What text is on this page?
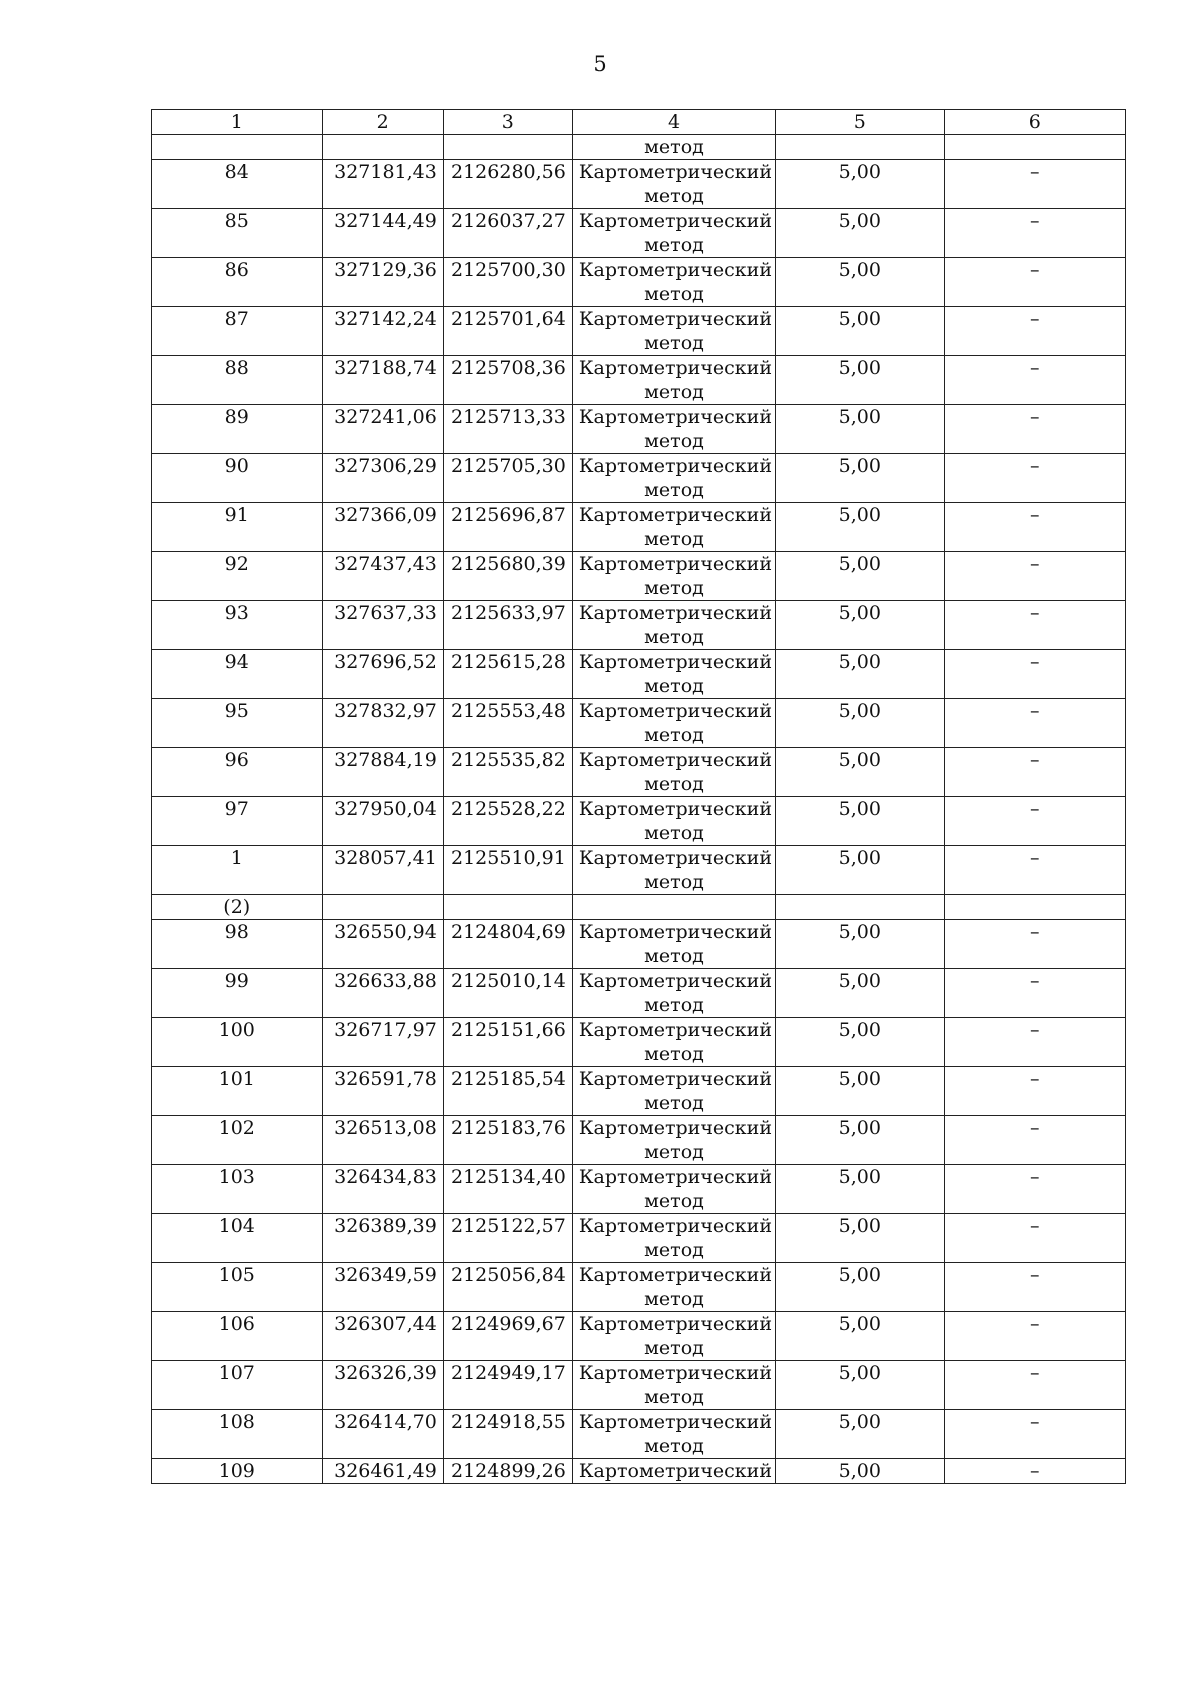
5
1	2	3	4	5	6
			метод		
84	327181,43	2126280,56	Картометрический метод	5,00	–
85	327144,49	2126037,27	Картометрический метод	5,00	–
86	327129,36	2125700,30	Картометрический метод	5,00	–
87	327142,24	2125701,64	Картометрический метод	5,00	–
88	327188,74	2125708,36	Картометрический метод	5,00	–
89	327241,06	2125713,33	Картометрический метод	5,00	–
90	327306,29	2125705,30	Картометрический метод	5,00	–
91	327366,09	2125696,87	Картометрический метод	5,00	–
92	327437,43	2125680,39	Картометрический метод	5,00	–
93	327637,33	2125633,97	Картометрический метод	5,00	–
94	327696,52	2125615,28	Картометрический метод	5,00	–
95	327832,97	2125553,48	Картометрический метод	5,00	–
96	327884,19	2125535,82	Картометрический метод	5,00	–
97	327950,04	2125528,22	Картометрический метод	5,00	–
1	328057,41	2125510,91	Картометрический метод	5,00	–
(2)					
98	326550,94	2124804,69	Картометрический метод	5,00	–
99	326633,88	2125010,14	Картометрический метод	5,00	–
100	326717,97	2125151,66	Картометрический метод	5,00	–
101	326591,78	2125185,54	Картометрический метод	5,00	–
102	326513,08	2125183,76	Картометрический метод	5,00	–
103	326434,83	2125134,40	Картометрический метод	5,00	–
104	326389,39	2125122,57	Картометрический метод	5,00	–
105	326349,59	2125056,84	Картометрический метод	5,00	–
106	326307,44	2124969,67	Картометрический метод	5,00	–
107	326326,39	2124949,17	Картометрический метод	5,00	–
108	326414,70	2124918,55	Картометрический метод	5,00	–
109	326461,49	2124899,26	Картометрический	5,00	–
